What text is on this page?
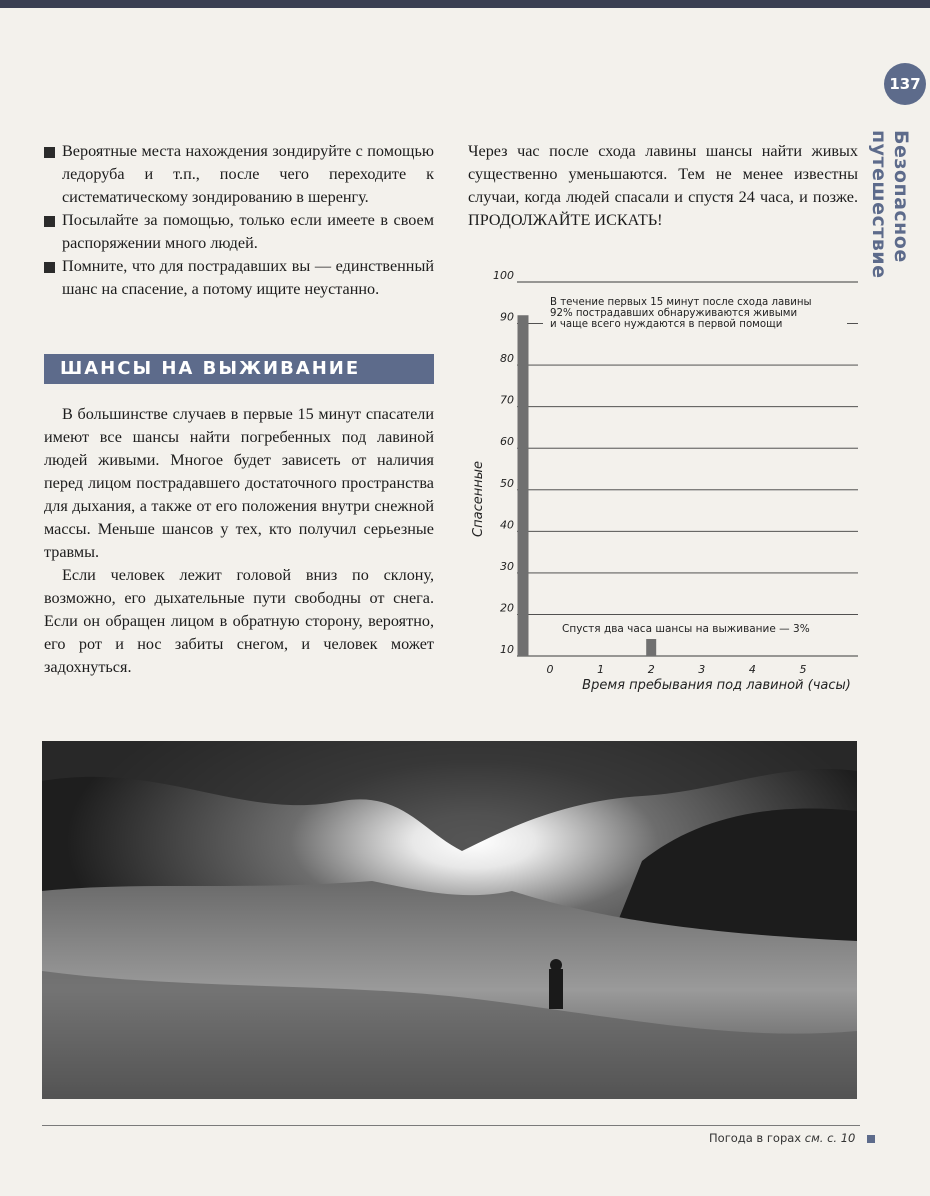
137
Безопасное путешествие
Вероятные места нахождения зондируйте с помощью ледоруба и т.п., после чего переходите к систематическому зондированию в шеренгу.
Посылайте за помощью, только если имеете в своем распоряжении много людей.
Помните, что для пострадавших вы — единственный шанс на спасение, а потому ищите неустанно.
ШАНСЫ НА ВЫЖИВАНИЕ

В большинстве случаев в первые 15 минут спасатели имеют все шансы найти погребенных под лавиной людей живыми. Многое будет зависеть от наличия перед лицом пострадавшего достаточного пространства для дыхания, а также от его положения внутри снежной массы. Меньше шансов у тех, кто получил серьезные травмы.

Если человек лежит головой вниз по склону, возможно, его дыхательные пути свободны от снега. Если он обращен лицом в обратную сторону, вероятно, его рот и нос забиты снегом, и человек может задохнуться.

Через час после схода лавины шансы найти живых существенно уменьшаются. Тем не менее известны случаи, когда людей спасали и спустя 24 часа, и позже. ПРОДОЛЖАЙТЕ ИСКАТЬ!

10
20
30
40
50
60
70
80
90
100
0	1	2	3	4	5
Время пребывания под лавиной (часы)
Спасенные
В течение первых 15 минут после схода лавины
92% пострадавших обнаруживаются живыми
и чаще всего нуждаются в первой помощи
Спустя два часа шансы на выживание — 3%
Погода в горах см. с. 10
